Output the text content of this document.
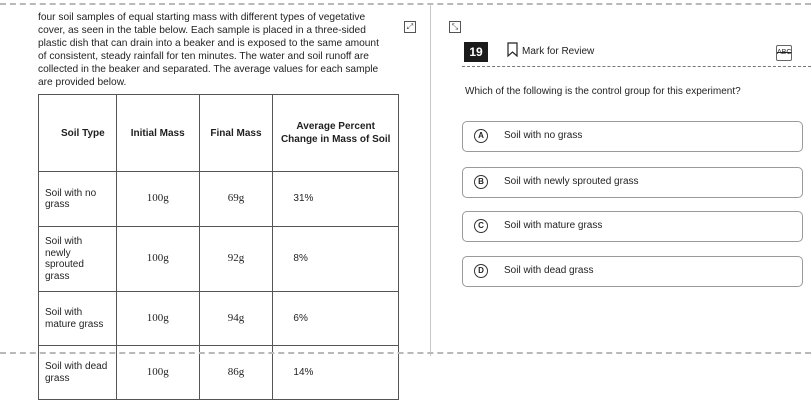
four soil samples of equal starting mass with different types of vegetative

cover, as seen in the table below. Each sample is placed in a three-sided

plastic dish that can drain into a beaker and is exposed to the same amount

of consistent, steady rainfall for ten minutes. The water and soil runoff are

collected in the beaker and separated. The average values for each sample

are provided below.

Soil Type	Initial Mass	Final Mass	Average Percent Change in Mass of Soil
Soil with no grass	100g	69g	31%
Soil with newly sprouted grass	100g	92g	8%
Soil with mature grass	100g	94g	6%
Soil with dead grass	100g	86g	14%
⤢	⤡
19	Mark for Review	ABC
Which of the following is the control group for this experiment?
A	Soil with no grass
B	Soil with newly sprouted grass
C	Soil with mature grass
D	Soil with dead grass
